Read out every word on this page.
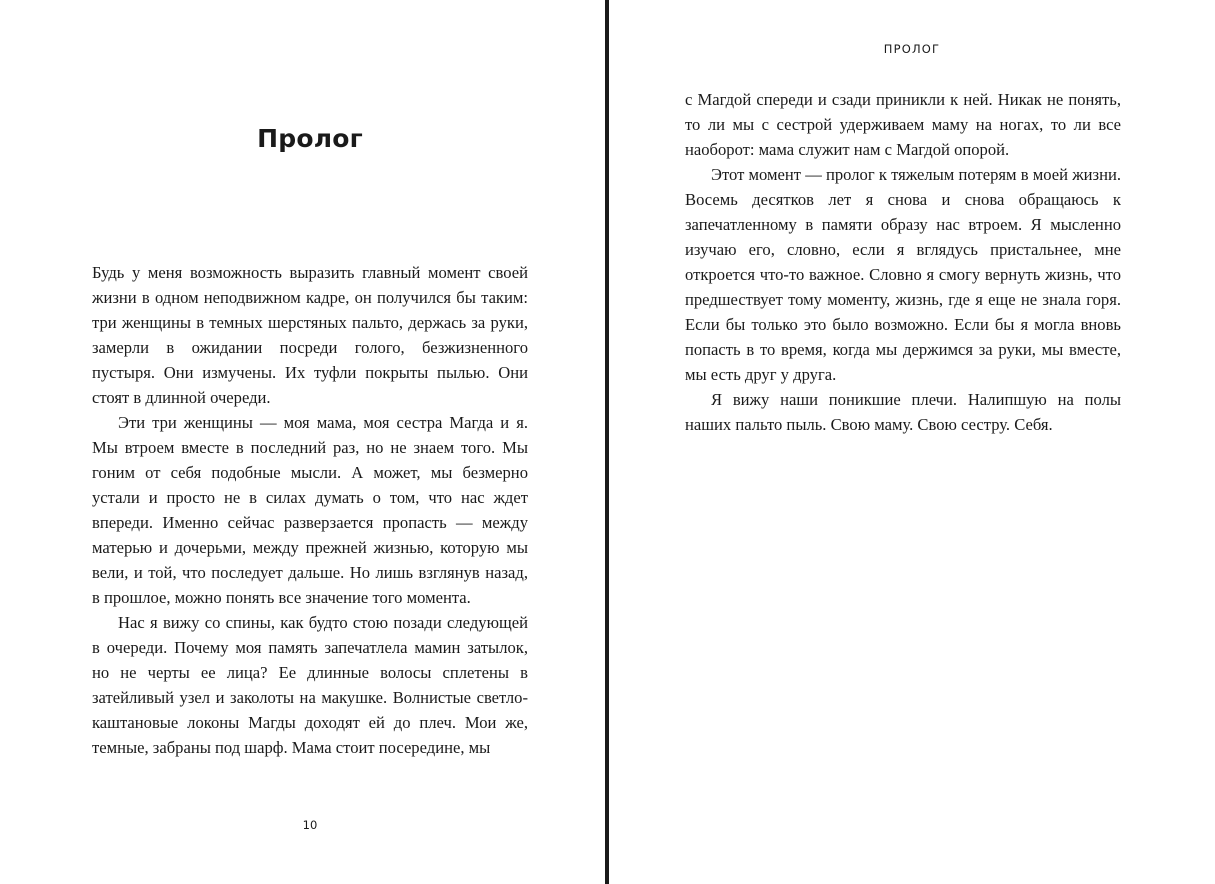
Пролог

Будь у меня возможность выразить главный момент своей жизни в одном неподвижном кадре, он получился бы таким: три женщины в темных шерстяных пальто, держась за руки, замерли в ожидании посреди голого, безжизненного пустыря. Они измучены. Их туфли покрыты пылью. Они стоят в длинной очереди.

Эти три женщины — моя мама, моя сестра Магда и я. Мы втроем вместе в последний раз, но не знаем того. Мы гоним от себя подобные мысли. А может, мы безмерно устали и просто не в силах думать о том, что нас ждет впереди. Именно сейчас разверзается пропасть — между матерью и дочерьми, между прежней жизнью, которую мы вели, и той, что последует дальше. Но лишь взглянув назад, в прошлое, можно понять все значение того момента.

Нас я вижу со спины, как будто стою позади следующей в очереди. Почему моя память запечатлела мамин затылок, но не черты ее лица? Ее длинные волосы сплетены в затейливый узел и заколоты на макушке. Волнистые светло-каштановые локоны Магды доходят ей до плеч. Мои же, темные, забраны под шарф. Мама стоит посередине, мы

10
ПРОЛОГ

с Магдой спереди и сзади приникли к ней. Никак не понять, то ли мы с сестрой удерживаем маму на ногах, то ли все наоборот: мама служит нам с Магдой опорой.

Этот момент — пролог к тяжелым потерям в моей жизни. Восемь десятков лет я снова и снова обращаюсь к запечатленному в памяти образу нас втроем. Я мысленно изучаю его, словно, если я вглядусь пристальнее, мне откроется что-то важное. Словно я смогу вернуть жизнь, что предшествует тому моменту, жизнь, где я еще не знала горя. Если бы только это было возможно. Если бы я могла вновь попасть в то время, когда мы держимся за руки, мы вместе, мы есть друг у друга.

Я вижу наши поникшие плечи. Налипшую на полы наших пальто пыль. Свою маму. Свою сестру. Себя.
